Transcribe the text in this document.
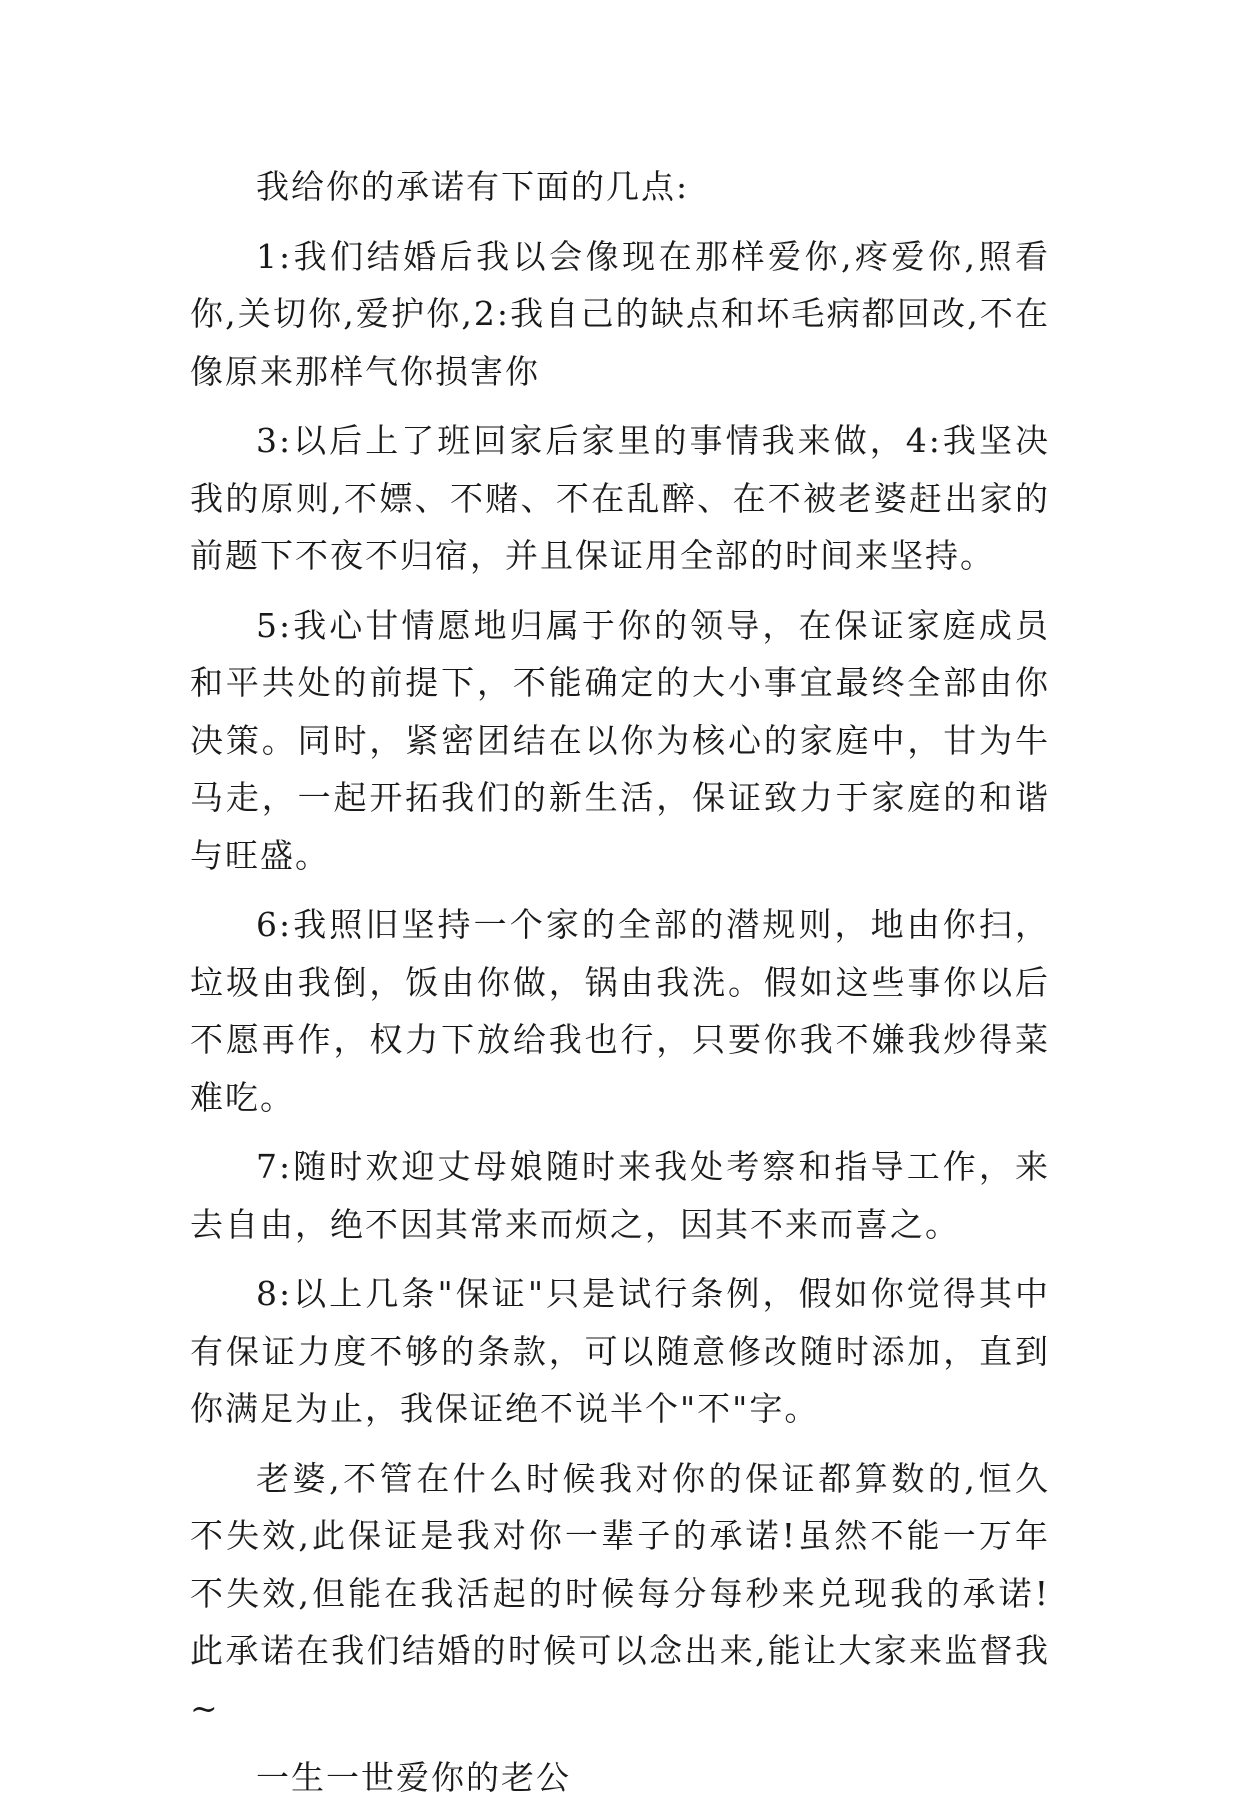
我给你的承诺有下面的几点:

1:我们结婚后我以会像现在那样爱你,疼爱你,照看你,关切你,爱护你,2:我自己的缺点和坏毛病都回改,不在像原来那样气你损害你

3:以后上了班回家后家里的事情我来做，4:我坚决我的原则,不嫖、不赌、不在乱醉、在不被老婆赶出家的前题下不夜不归宿，并且保证用全部的时间来坚持。

5:我心甘情愿地归属于你的领导，在保证家庭成员和平共处的前提下，不能确定的大小事宜最终全部由你决策。同时，紧密团结在以你为核心的家庭中，甘为牛马走，一起开拓我们的新生活，保证致力于家庭的和谐与旺盛。

6:我照旧坚持一个家的全部的潜规则，地由你扫，垃圾由我倒，饭由你做，锅由我洗。假如这些事你以后不愿再作，权力下放给我也行，只要你我不嫌我炒得菜难吃。

7:随时欢迎丈母娘随时来我处考察和指导工作，来去自由，绝不因其常来而烦之，因其不来而喜之。

8:以上几条"保证"只是试行条例，假如你觉得其中有保证力度不够的条款，可以随意修改随时添加，直到你满足为止，我保证绝不说半个"不"字。

老婆,不管在什么时候我对你的保证都算数的,恒久不失效,此保证是我对你一辈子的承诺!虽然不能一万年不失效,但能在我活起的时候每分每秒来兑现我的承诺!此承诺在我们结婚的时候可以念出来,能让大家来监督我~

一生一世爱你的老公
